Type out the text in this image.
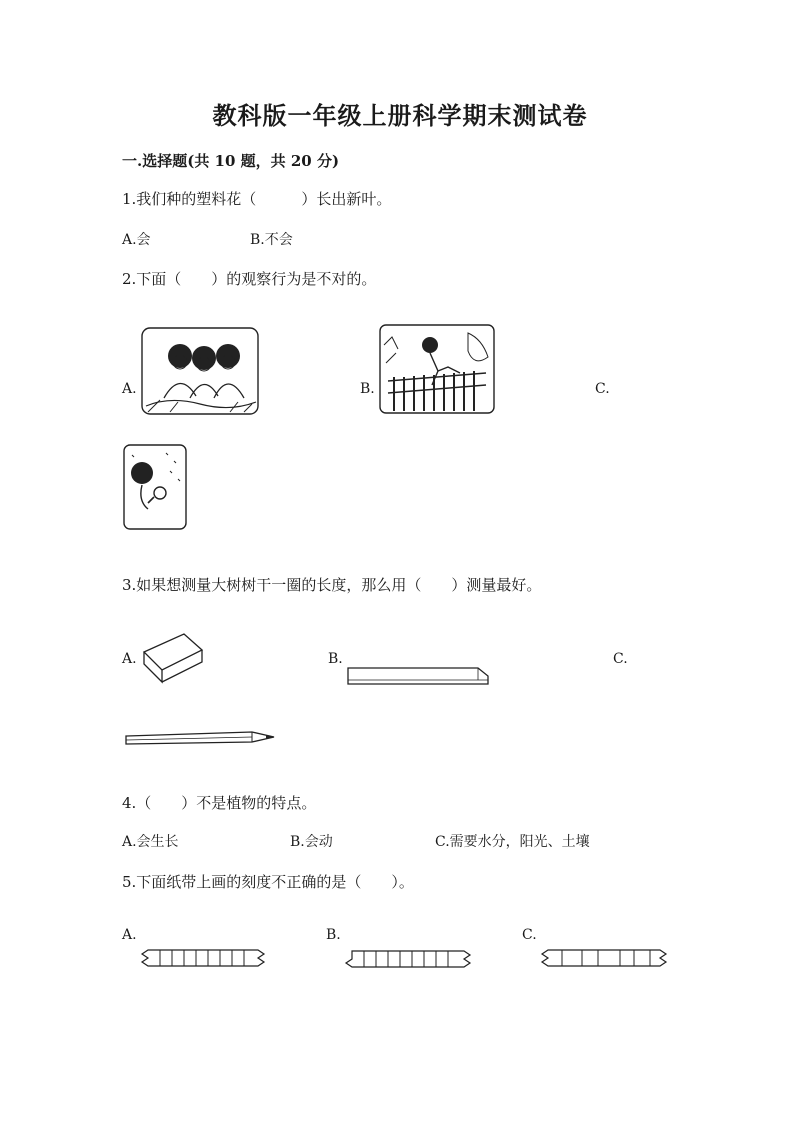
教科版一年级上册科学期末测试卷
一.选择题(共 10 题，共 20 分)
1.我们种的塑料花（　　　）长出新叶。
A.会	B.不会
2.下面（　　）的观察行为是不对的。
A.	B.	C.
3.如果想测量大树树干一圈的长度，那么用（　　）测量最好。
A.	B.	C.
4.（　　）不是植物的特点。
A.会生长	B.会动	C.需要水分，阳光、土壤
5.下面纸带上画的刻度不正确的是（　　）。
A.	B.	C.
